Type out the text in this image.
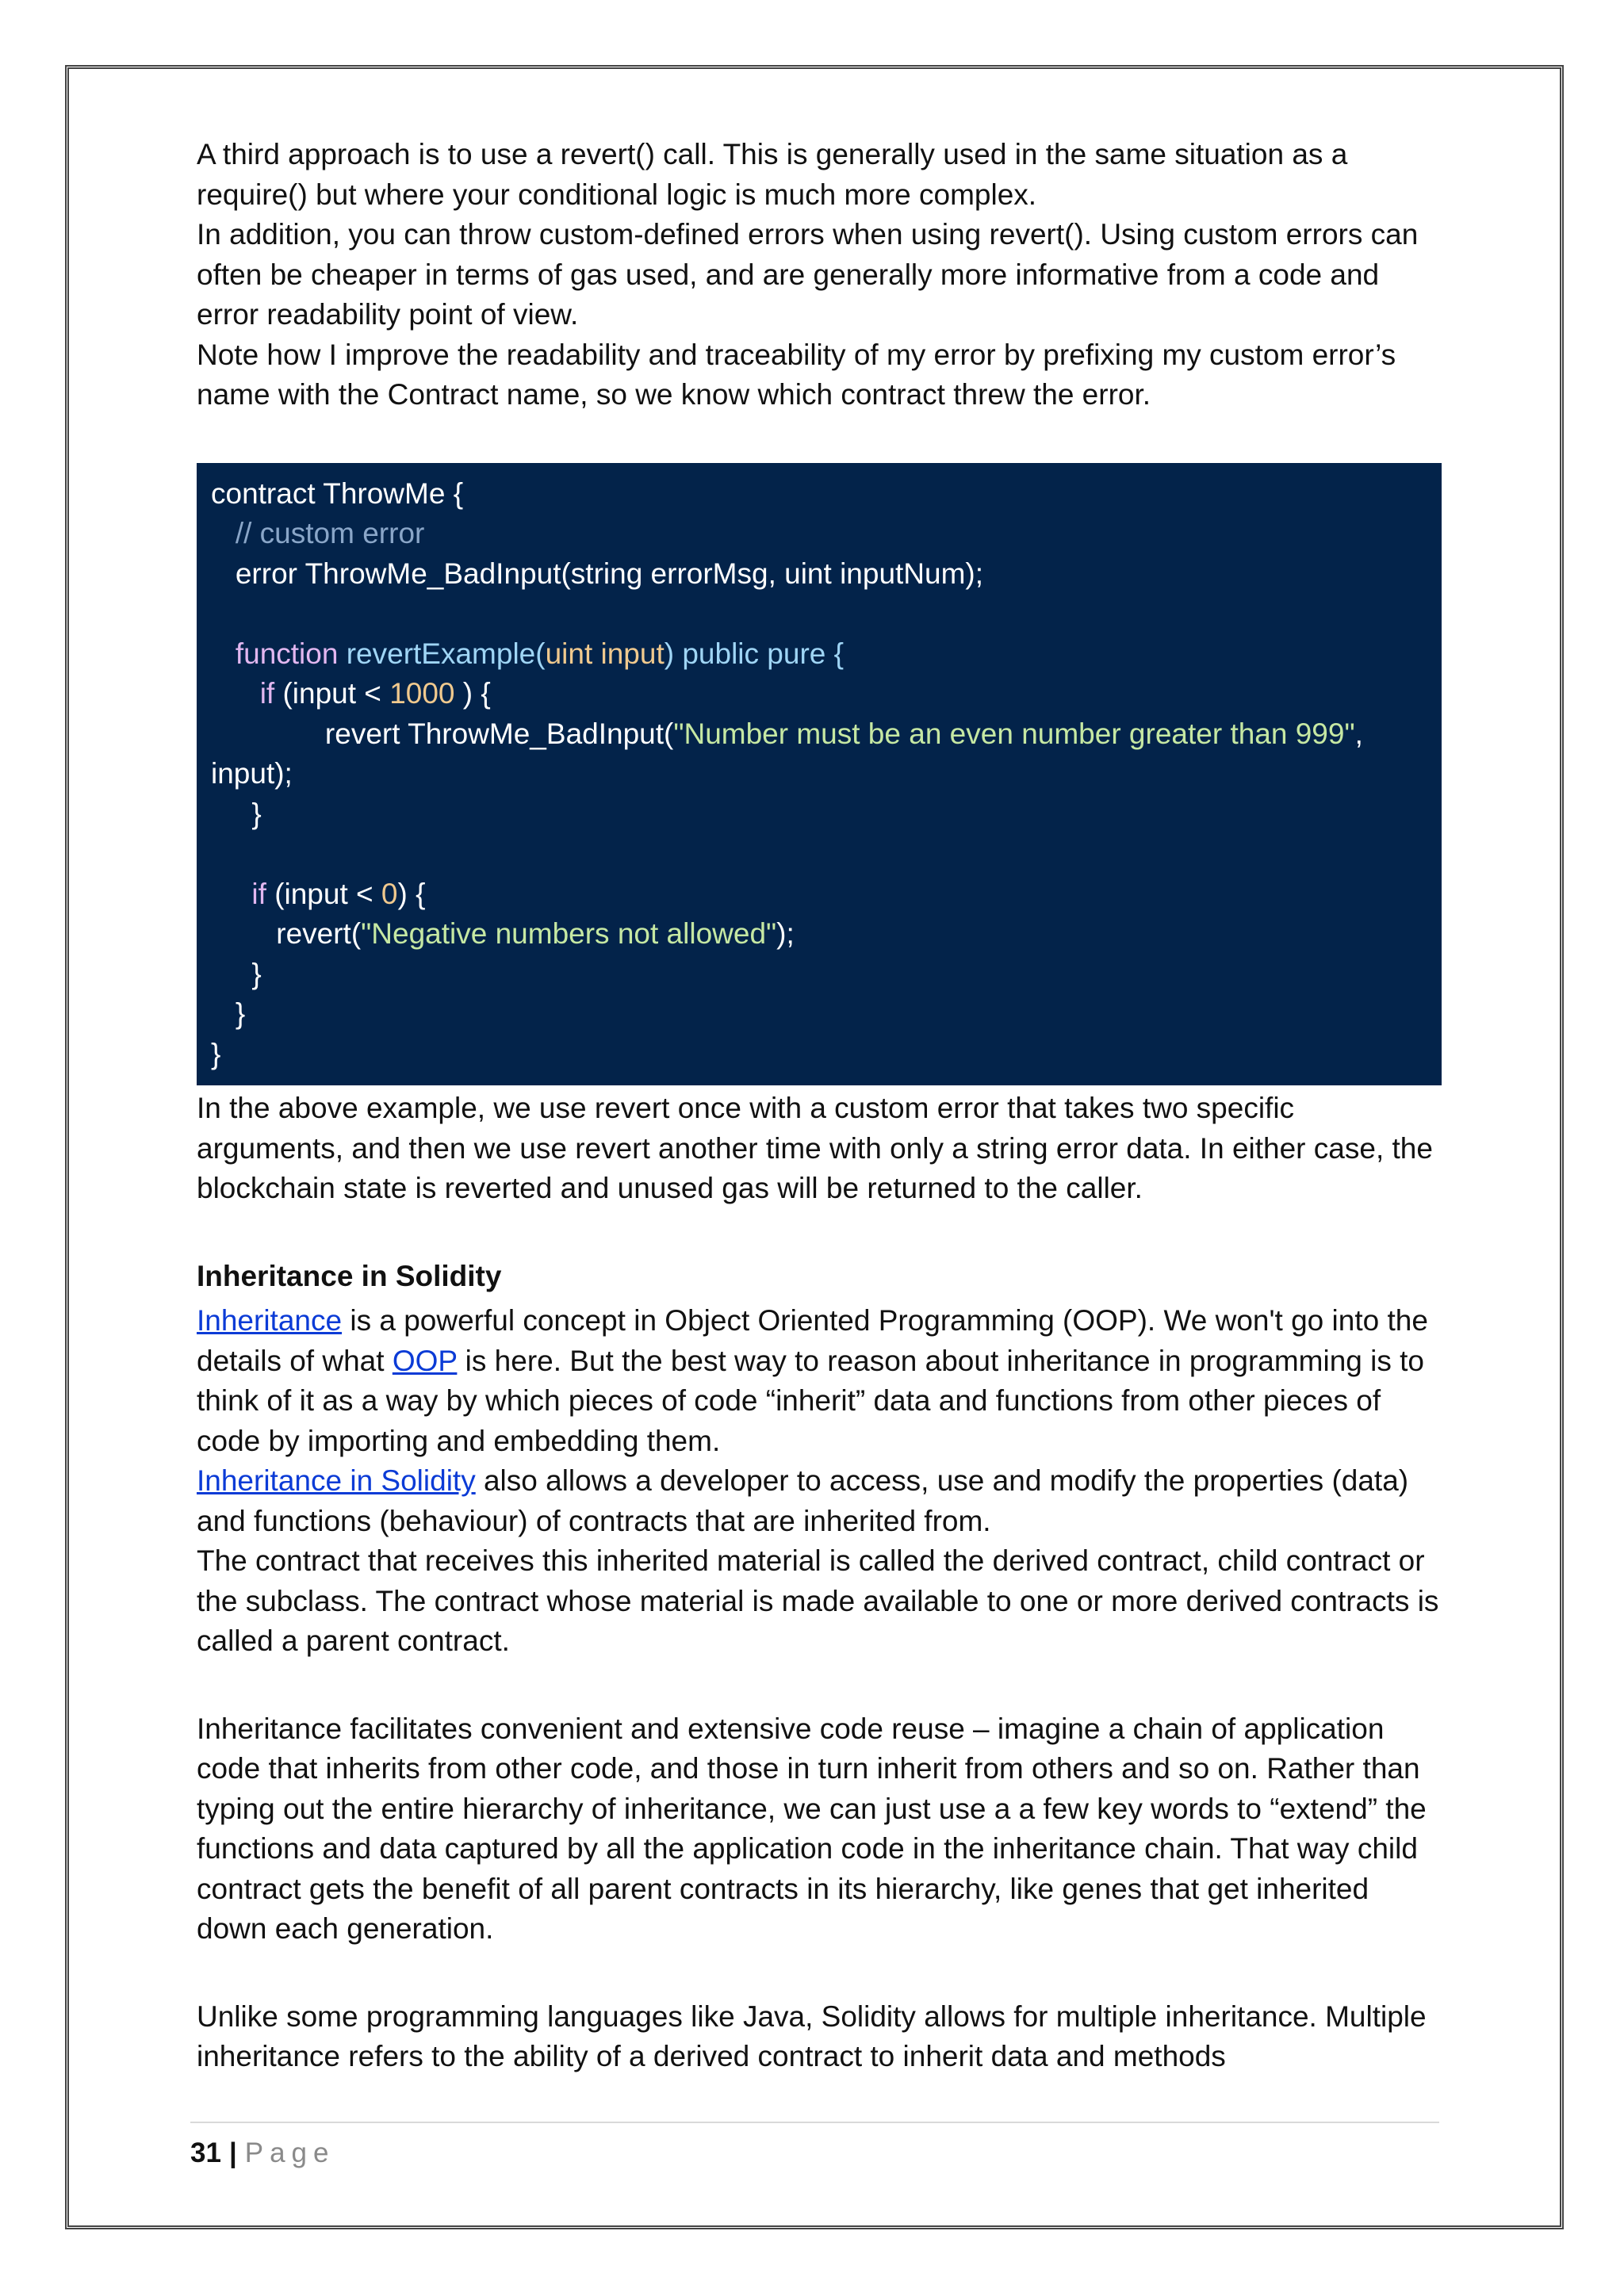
A third approach is to use a revert() call. This is generally used in the same situation as a require() but where your conditional logic is much more complex.

In addition, you can throw custom-defined errors when using revert(). Using custom errors can often be cheaper in terms of gas used, and are generally more informative from a code and error readability point of view.

Note how I improve the readability and traceability of my error by prefixing my custom error’s name with the Contract name, so we know which contract threw the error.

contract ThrowMe {
// custom error
error ThrowMe_BadInput(string errorMsg, uint inputNum);

function revertExample(uint input) public pure {
if (input < 1000 ) {
revert ThrowMe_BadInput("Number must be an even number greater than 999",  input);
}

if (input < 0) {
revert("Negative numbers not allowed");
}
}
}

In the above example, we use revert once with a custom error that takes two specific arguments, and then we use revert another time with only a string error data. In either case, the blockchain state is reverted and unused gas will be returned to the caller.

Inheritance in Solidity

Inheritance is a powerful concept in Object Oriented Programming (OOP). We won't go into the details of what OOP is here. But the best way to reason about inheritance in programming is to think of it as a way by which pieces of code “inherit” data and functions from other pieces of code by importing and embedding them.

Inheritance in Solidity also allows a developer to access, use and modify the properties (data) and functions (behaviour) of contracts that are inherited from.

The contract that receives this inherited material is called the derived contract, child contract or the subclass. The contract whose material is made available to one or more derived contracts is called a parent contract.

Inheritance facilitates convenient and extensive code reuse – imagine a chain of application code that inherits from other code, and those in turn inherit from others and so on. Rather than typing out the entire hierarchy of inheritance, we can just use a a few key words to “extend” the functions and data captured by all the application code in the inheritance chain. That way child contract gets the benefit of all parent contracts in its hierarchy, like genes that get inherited down each generation.

Unlike some programming languages like Java, Solidity allows for multiple inheritance. Multiple inheritance refers to the ability of a derived contract to inherit data and methods

31 | Page
